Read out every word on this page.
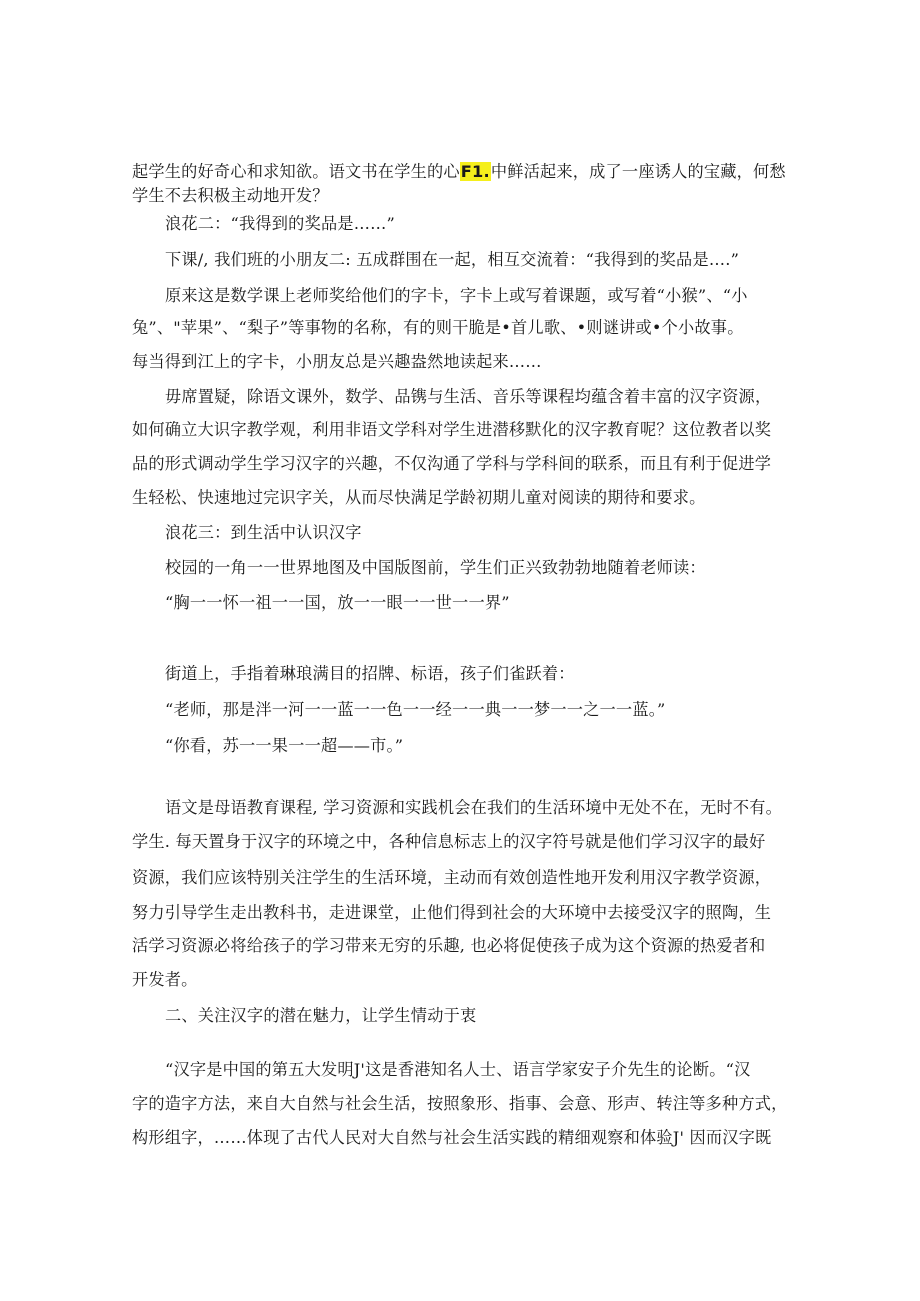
起学生的好奇心和求知欲。语文书在学生的心F1.中鲜活起来，成了一座诱人的宝藏，何愁
学生不去积极主动地开发？
浪花二：“我得到的奖品是……”
下课/, 我们班的小朋友二: 五成群围在一起，相互交流着：“我得到的奖品是….”
原来这是数学课上老师奖给他们的字卡，字卡上或写着课题，或写着“小猴”、“小
兔”、"苹果”、“梨子”等事物的名称，有的则干脆是•首儿歌、•则谜讲或•个小故事。
每当得到江上的字卡，小朋友总是兴趣盎然地读起来……
毋席置疑，除语文课外，数学、品镌与生活、音乐等课程均蕴含着丰富的汉字资源，
如何确立大识字教学观，利用非语文学科对学生进潜移默化的汉字教育呢？这位教者以奖
品的形式调动学生学习汉字的兴趣，不仅沟通了学科与学科间的联系，而且有利于促进学
生轻松、快速地过完识字关，从而尽快满足学龄初期儿童对阅读的期待和要求。
浪花三：到生活中认识汉字
校园的一角一一世界地图及中国版图前，学生们正兴致勃勃地随着老师读：
“胸一一怀一祖一一国，放一一眼一一世一一界”
街道上，手指着琳琅满目的招牌、标语，孩子们雀跃着：
“老师，那是泮一河一一蓝一一色一一经一一典一一梦一一之一一蓝。”
“你看，苏一一果一一超——市。”
语文是母语教育课程, 学习资源和实践机会在我们的生活环境中无处不在，无时不有。
学生. 每天置身于汉字的环境之中，各种信息标志上的汉字符号就是他们学习汉字的最好
资源，我们应该特别关注学生的生活环境，主动而有效创造性地开发利用汉字教学资源，
努力引导学生走出教科书，走进课堂，止他们得到社会的大环境中去接受汉字的照陶，生
活学习资源必将给孩子的学习带来无穷的乐趣, 也必将促使孩子成为这个资源的热爱者和
开发者。
二、关注汉字的潜在魅力，让学生情动于衷
“汉字是中国的第五大发明J'这是香港知名人士、语言学家安子介先生的论断。“汉
字的造字方法，来自大自然与社会生活，按照象形、指事、会意、形声、转注等多种方式，
构形组字，……体现了古代人民对大自然与社会生活实践的精细观察和体验J' 因而汉字既
